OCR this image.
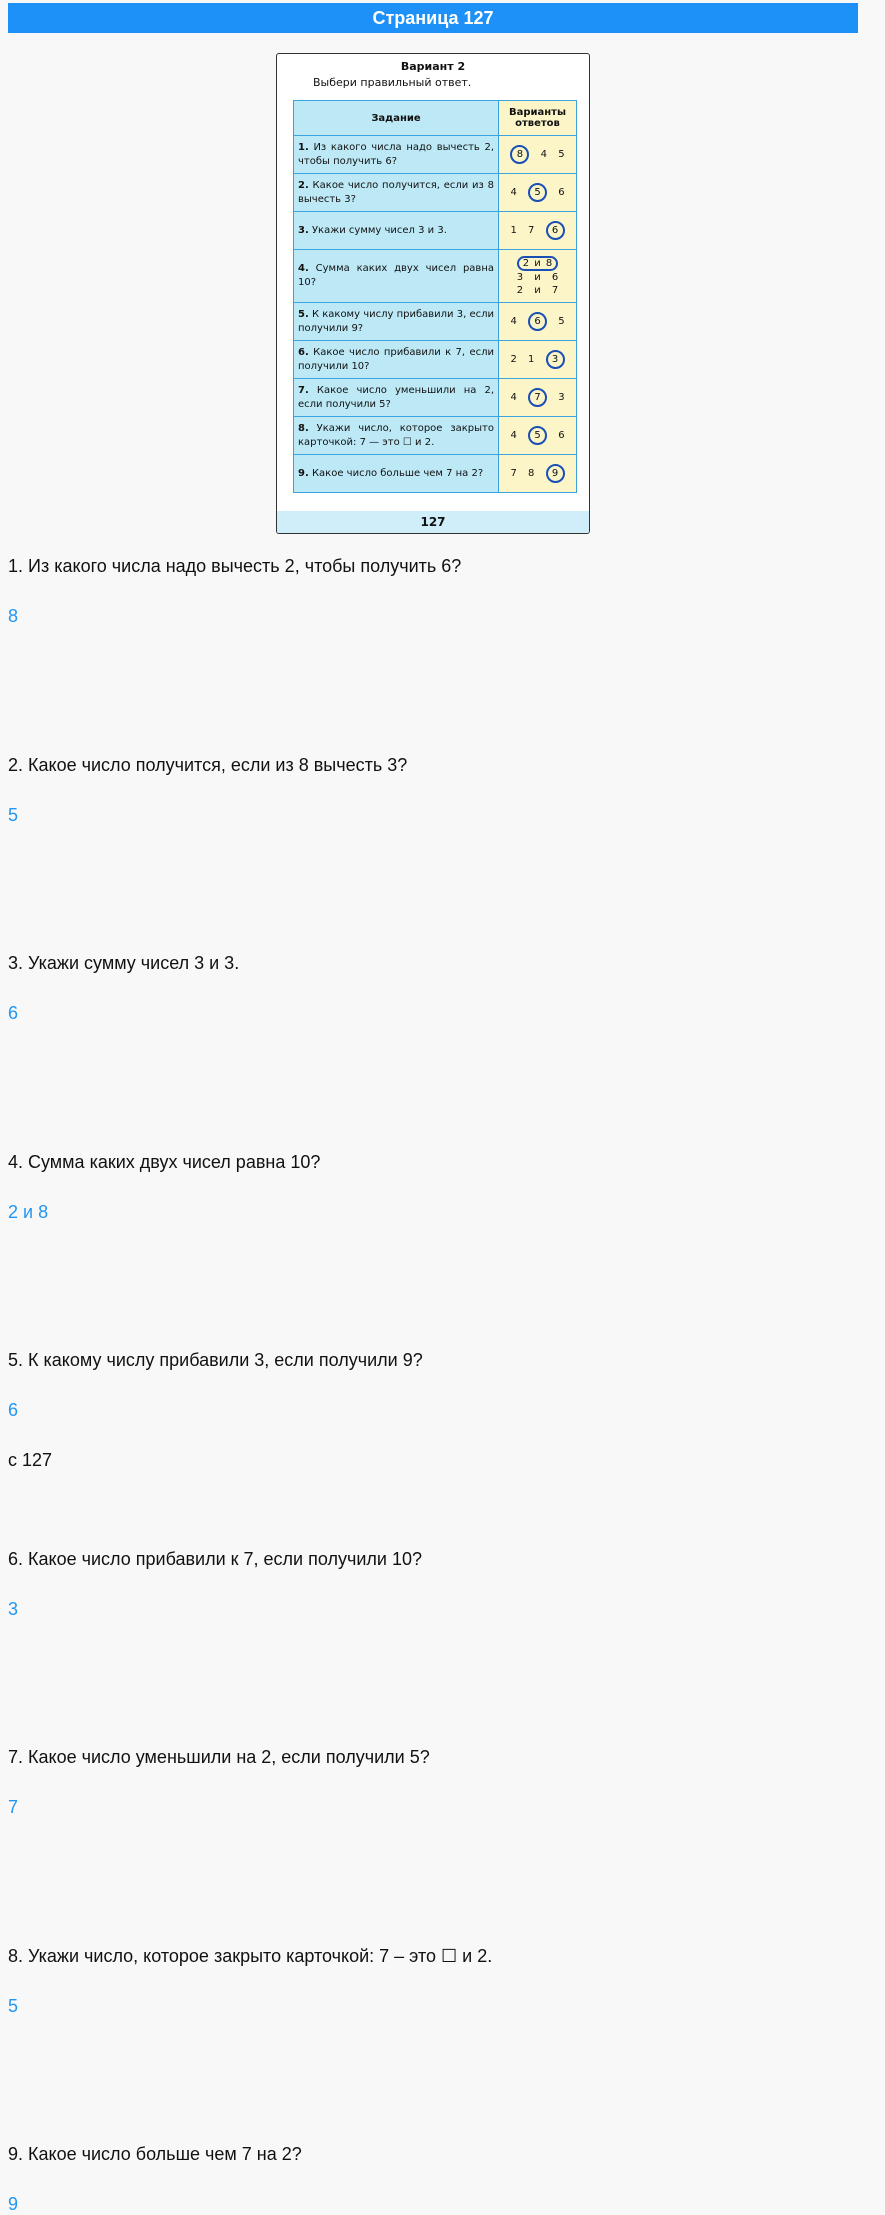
Страница 127
Вариант 2
Выбери правильный ответ.
Задание	Варианты ответов
1. Из какого числа надо вычесть 2, чтобы получить 6?	8 4 5
2. Какое число получится, если из 8 вычесть 3?	4 5 6
3. Укажи сумму чисел 3 и 3.	1 7 6
4. Сумма каких двух чисел равна 10?	2 и 8
3 и 6
2 и 7
5. К какому числу прибавили 3, если получили 9?	4 6 5
6. Какое число прибавили к 7, если получили 10?	2 1 3
7. Какое число уменьшили на 2, если получили 5?	4 7 3
8. Укажи число, которое закрыто карточкой: 7 — это ☐ и 2.	4 5 6
9. Какое число больше чем 7 на 2?	7 8 9
127
1. Из какого числа надо вычесть 2, чтобы получить 6?
8
2. Какое число получится, если из 8 вычесть 3?
5
3. Укажи сумму чисел 3 и 3.
6
4. Сумма каких двух чисел равна 10?
2 и 8
5. К какому числу прибавили 3, если получили 9?
6
6. Какое число прибавили к 7, если получили 10?
3
7. Какое число уменьшили на 2, если получили 5?
7
8. Укажи число, которое закрыто карточкой: 7 – это ☐ и 2.
5
9. Какое число больше чем 7 на 2?
9
с 127
